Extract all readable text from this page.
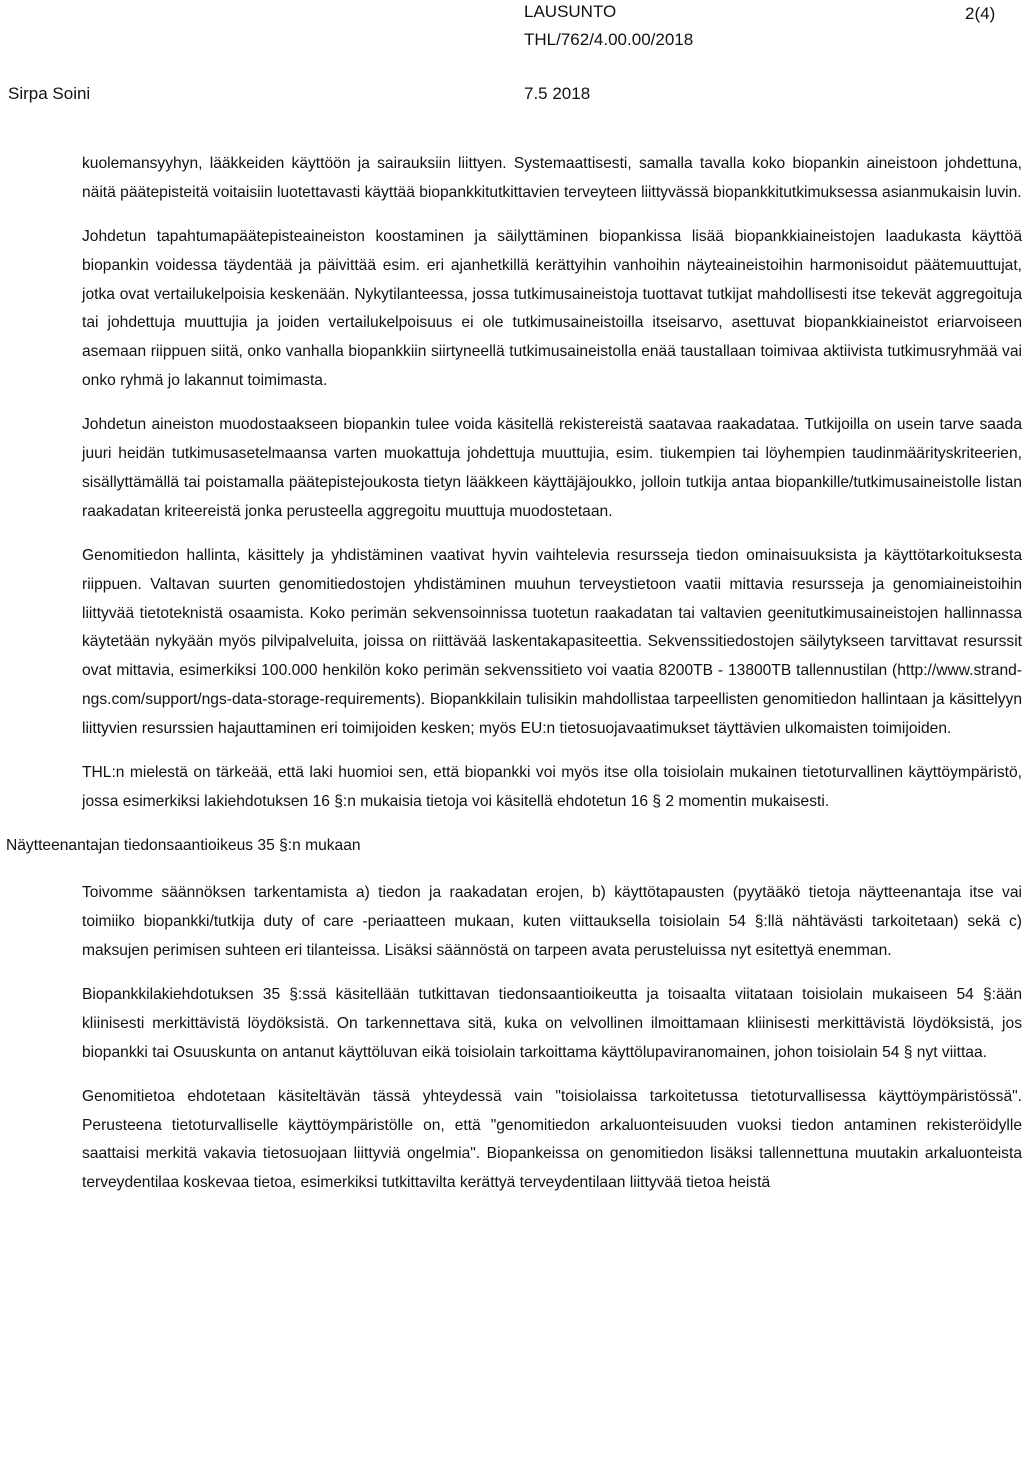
LAUSUNTO
THL/762/4.00.00/2018
2(4)
Sirpa Soini	7.5 2018

kuolemansyyhyn, lääkkeiden käyttöön ja sairauksiin liittyen. Systemaattisesti, samalla tavalla koko biopankin aineistoon johdettuna, näitä päätepisteitä voitaisiin luotettavasti käyttää biopankkitutkittavien terveyteen liittyvässä biopankkitutkimuksessa asianmukaisin luvin.

Johdetun tapahtumapäätepisteaineiston koostaminen ja säilyttäminen biopankissa lisää biopankkiaineistojen laadukasta käyttöä biopankin voidessa täydentää ja päivittää esim. eri ajanhetkillä kerättyihin vanhoihin näyteaineistoihin harmonisoidut päätemuuttujat, jotka ovat vertailukelpoisia keskenään. Nykytilanteessa, jossa tutkimusaineistoja tuottavat tutkijat mahdollisesti itse tekevät aggregoituja tai johdettuja muuttujia ja joiden vertailukelpoisuus ei ole tutkimusaineistoilla itseisarvo, asettuvat biopankkiaineistot eriarvoiseen asemaan riippuen siitä, onko vanhalla biopankkiin siirtyneellä tutkimusaineistolla enää taustallaan toimivaa aktiivista tutkimusryhmää vai onko ryhmä jo lakannut toimimasta.

Johdetun aineiston muodostaakseen biopankin tulee voida käsitellä rekistereistä saatavaa raakadataa. Tutkijoilla on usein tarve saada juuri heidän tutkimusasetelmaansa varten muokattuja johdettuja muuttujia, esim. tiukempien tai löyhempien taudinmäärityskriteerien, sisällyttämällä tai poistamalla päätepistejoukosta tietyn lääkkeen käyttäjäjoukko, jolloin tutkija antaa biopankille/tutkimusaineistolle listan raakadatan kriteereistä jonka perusteella aggregoitu muuttuja muodostetaan.

Genomitiedon hallinta, käsittely ja yhdistäminen vaativat hyvin vaihtelevia resursseja tiedon ominaisuuksista ja käyttötarkoituksesta riippuen. Valtavan suurten genomitiedostojen yhdistäminen muuhun terveystietoon vaatii mittavia resursseja ja genomiaineistoihin liittyvää tietoteknistä osaamista. Koko perimän sekvensoinnissa tuotetun raakadatan tai valtavien geenitutkimusaineistojen hallinnassa käytetään nykyään myös pilvipalveluita, joissa on riittävää laskentakapasiteettia. Sekvenssitiedostojen säilytykseen tarvittavat resurssit ovat mittavia, esimerkiksi 100.000 henkilön koko perimän sekvenssitieto voi vaatia 8200TB - 13800TB tallennustilan (http://www.strand-ngs.com/support/ngs-data-storage-requirements). Biopankkilain tulisikin mahdollistaa tarpeellisten genomitiedon hallintaan ja käsittelyyn liittyvien resurssien hajauttaminen eri toimijoiden kesken; myös EU:n tietosuojavaatimukset täyttävien ulkomaisten toimijoiden.

THL:n mielestä on tärkeää, että laki huomioi sen, että biopankki voi myös itse olla toisiolain mukainen tietoturvallinen käyttöympäristö, jossa esimerkiksi lakiehdotuksen 16 §:n mukaisia tietoja voi käsitellä ehdotetun 16 § 2 momentin mukaisesti.

Näytteenantajan tiedonsaantioikeus 35 §:n mukaan

Toivomme säännöksen tarkentamista a) tiedon ja raakadatan erojen, b) käyttötapausten (pyytääkö tietoja näytteenantaja itse vai toimiiko biopankki/tutkija duty of care -periaatteen mukaan, kuten viittauksella toisiolain 54 §:llä nähtävästi tarkoitetaan) sekä c) maksujen perimisen suhteen eri tilanteissa. Lisäksi säännöstä on tarpeen avata perusteluissa nyt esitettyä enemman.

Biopankkilakiehdotuksen 35 §:ssä käsitellään tutkittavan tiedonsaantioikeutta ja toisaalta viitataan toisiolain mukaiseen 54 §:ään kliinisesti merkittävistä löydöksistä. On tarkennettava sitä, kuka on velvollinen ilmoittamaan kliinisesti merkittävistä löydöksistä, jos biopankki tai Osuuskunta on antanut käyttöluvan eikä toisiolain tarkoittama käyttölupaviranomainen, johon toisiolain 54 § nyt viittaa.

Genomitietoa ehdotetaan käsiteltävän tässä yhteydessä vain "toisiolaissa tarkoitetussa tietoturvallisessa käyttöympäristössä". Perusteena tietoturvalliselle käyttöympäristölle on, että "genomitiedon arkaluonteisuuden vuoksi tiedon antaminen rekisteröidylle saattaisi merkitä vakavia tietosuojaan liittyviä ongelmia". Biopankeissa on genomitiedon lisäksi tallennettuna muutakin arkaluonteista terveydentilaa koskevaa tietoa, esimerkiksi tutkittavilta kerättyä terveydentilaan liittyvää tietoa heistä
